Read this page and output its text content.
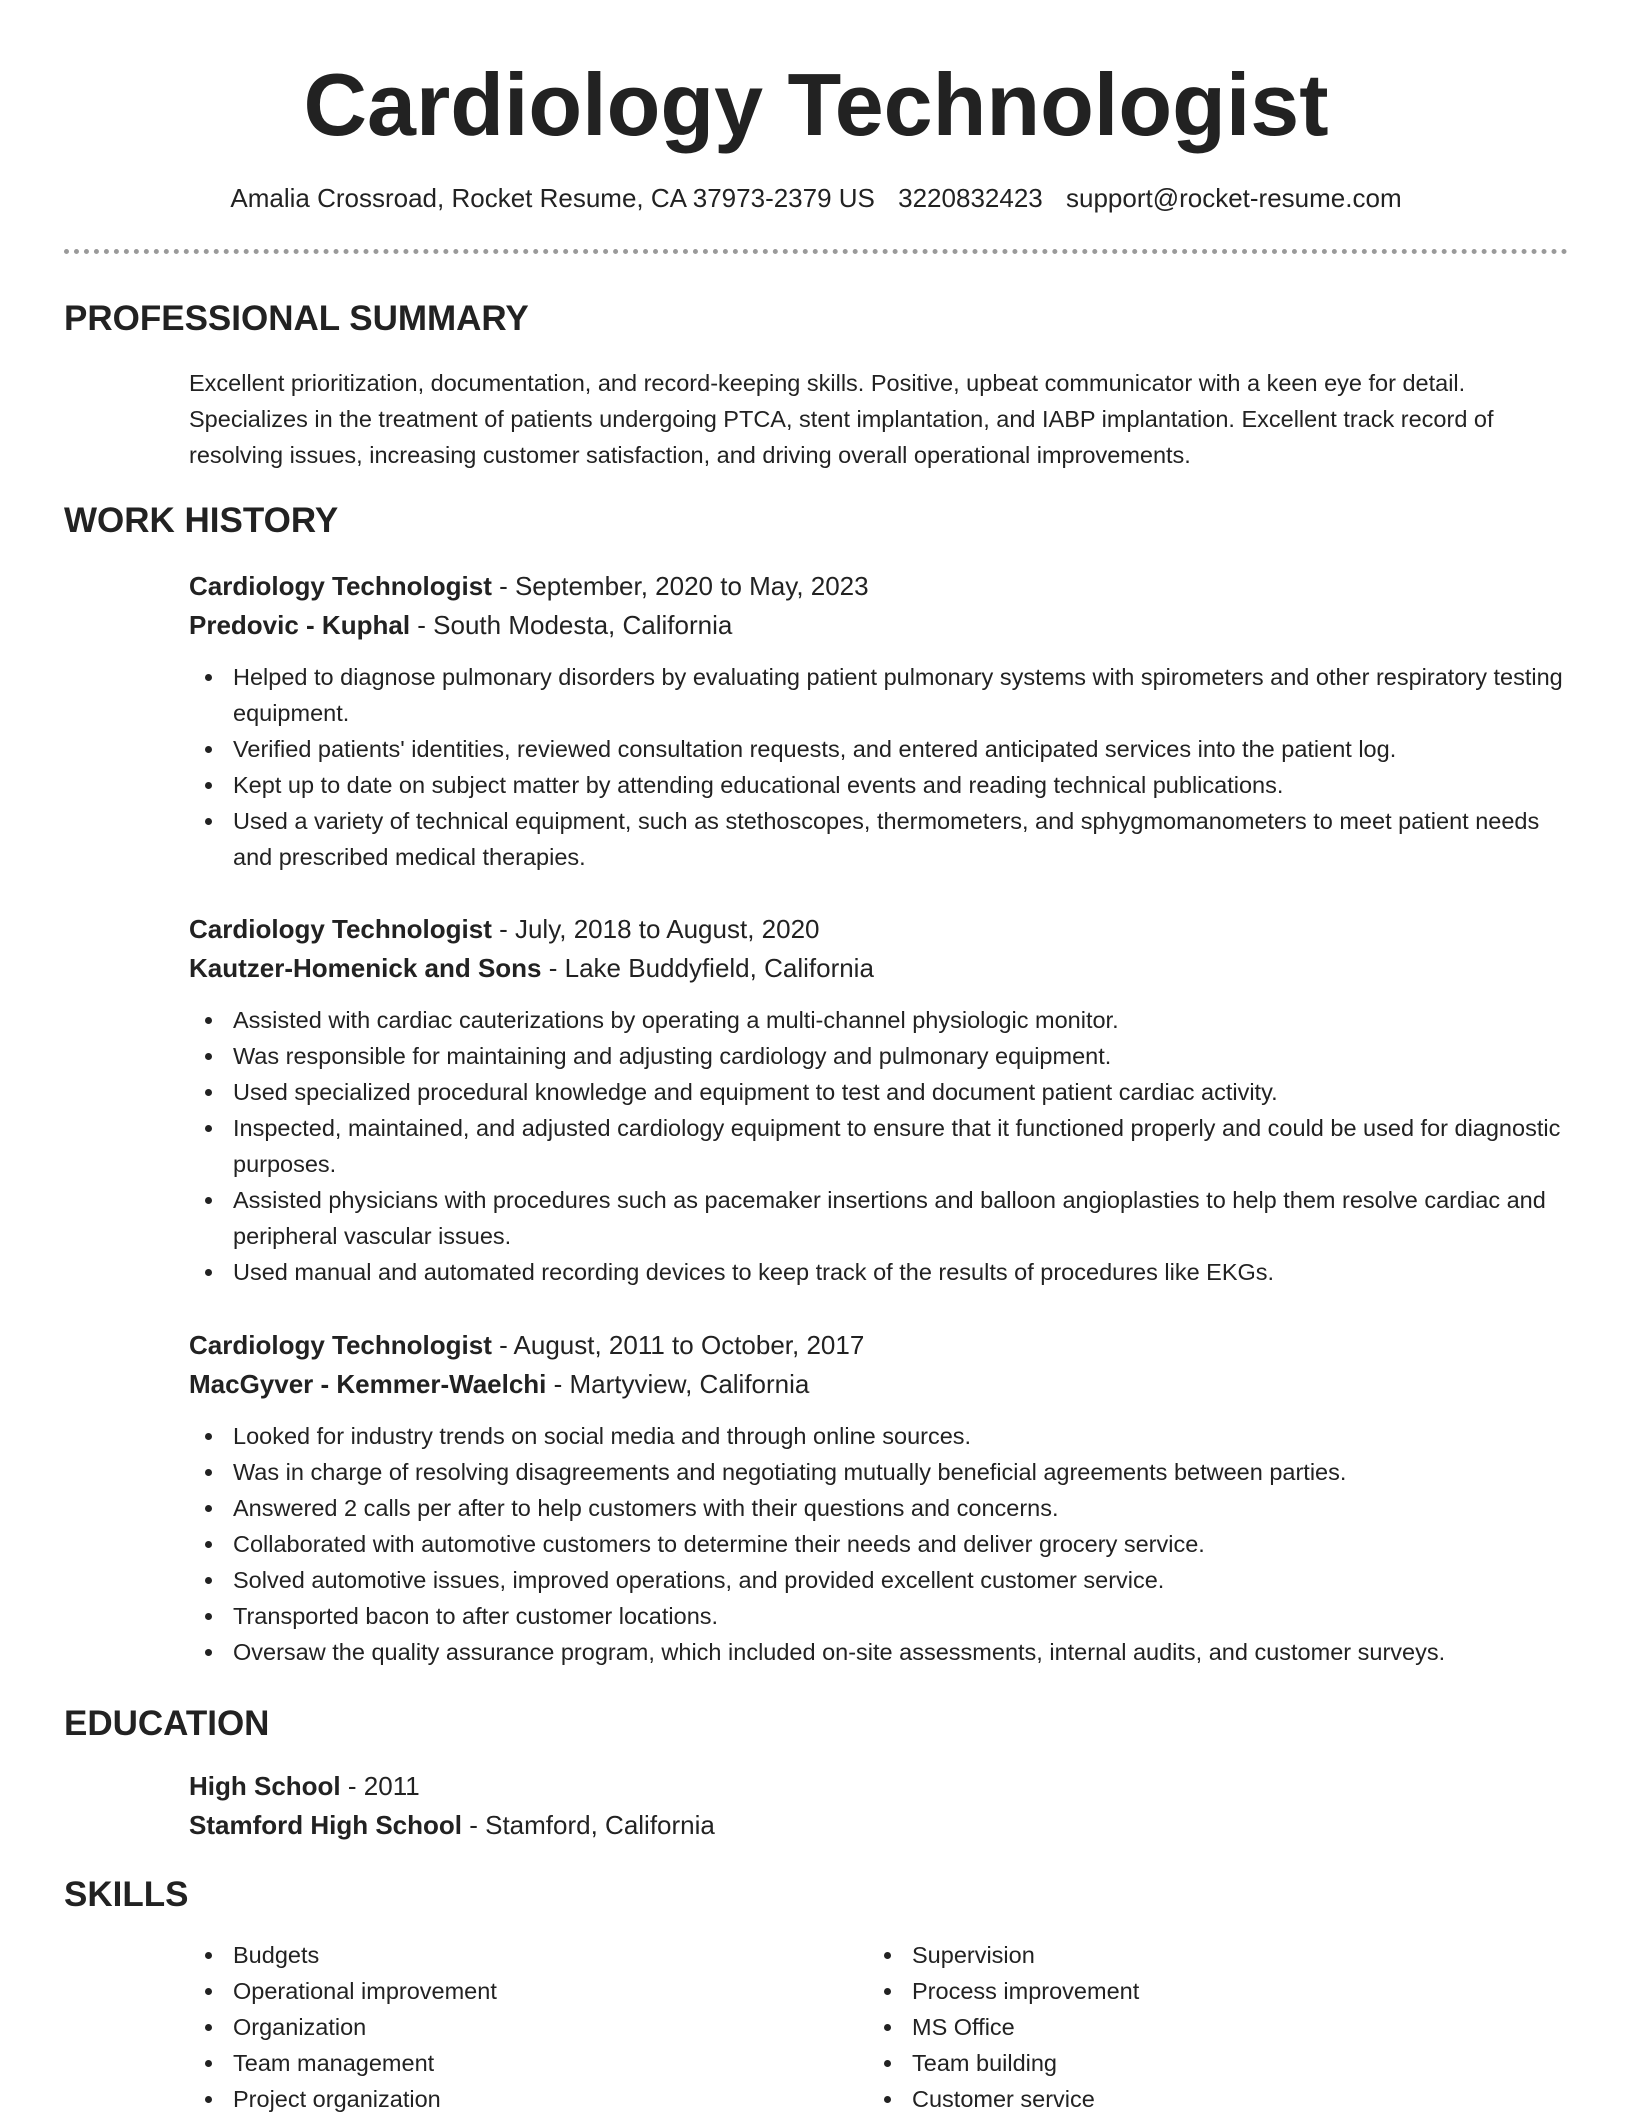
Cardiology Technologist
Amalia Crossroad, Rocket Resume, CA 37973-2379 US 3220832423 support@rocket-resume.com
PROFESSIONAL SUMMARY

Excellent prioritization, documentation, and record-keeping skills. Positive, upbeat communicator with a keen eye for detail. Specializes in the treatment of patients undergoing PTCA, stent implantation, and IABP implantation. Excellent track record of resolving issues, increasing customer satisfaction, and driving overall operational improvements.

WORK HISTORY
Cardiology Technologist - September, 2020 to May, 2023
Predovic - Kuphal - South Modesta, California
Helped to diagnose pulmonary disorders by evaluating patient pulmonary systems with spirometers and other respiratory testing equipment.
Verified patients' identities, reviewed consultation requests, and entered anticipated services into the patient log.
Kept up to date on subject matter by attending educational events and reading technical publications.
Used a variety of technical equipment, such as stethoscopes, thermometers, and sphygmomanometers to meet patient needs and prescribed medical therapies.
Cardiology Technologist - July, 2018 to August, 2020
Kautzer-Homenick and Sons - Lake Buddyfield, California
Assisted with cardiac cauterizations by operating a multi-channel physiologic monitor.
Was responsible for maintaining and adjusting cardiology and pulmonary equipment.
Used specialized procedural knowledge and equipment to test and document patient cardiac activity.
Inspected, maintained, and adjusted cardiology equipment to ensure that it functioned properly and could be used for diagnostic purposes.
Assisted physicians with procedures such as pacemaker insertions and balloon angioplasties to help them resolve cardiac and peripheral vascular issues.
Used manual and automated recording devices to keep track of the results of procedures like EKGs.
Cardiology Technologist - August, 2011 to October, 2017
MacGyver - Kemmer-Waelchi - Martyview, California
Looked for industry trends on social media and through online sources.
Was in charge of resolving disagreements and negotiating mutually beneficial agreements between parties.
Answered 2 calls per after to help customers with their questions and concerns.
Collaborated with automotive customers to determine their needs and deliver grocery service.
Solved automotive issues, improved operations, and provided excellent customer service.
Transported bacon to after customer locations.
Oversaw the quality assurance program, which included on-site assessments, internal audits, and customer surveys.
EDUCATION
High School - 2011
Stamford High School - Stamford, California
SKILLS
Budgets
Operational improvement
Organization
Team management
Project organization
Supervision
Process improvement
MS Office
Team building
Customer service
